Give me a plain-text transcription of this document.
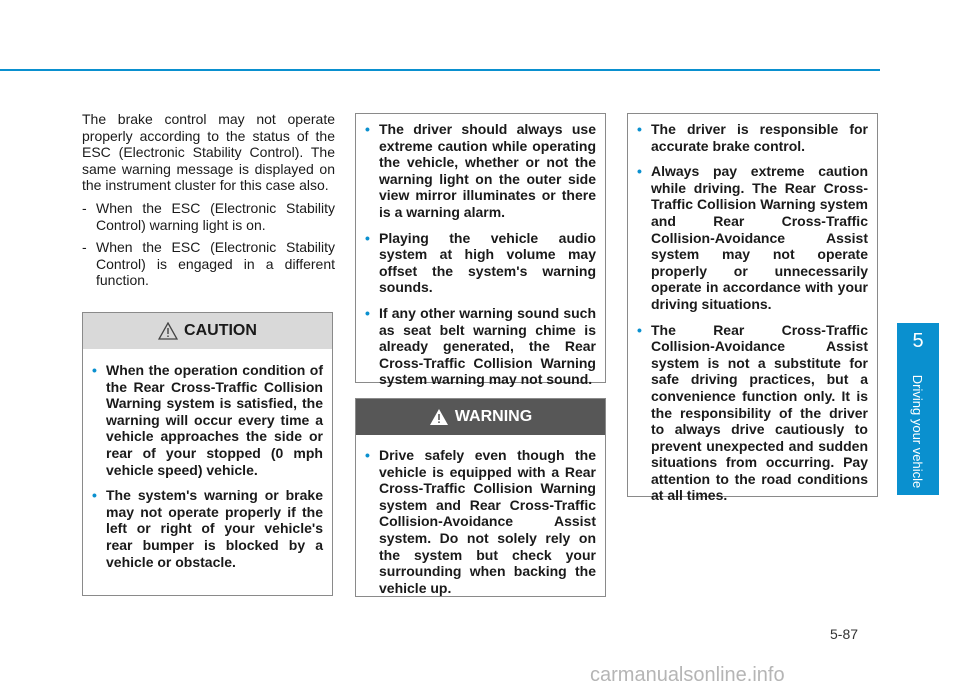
The brake control may not operate properly according to the status of the ESC (Electronic Stability Control). The same warning message is displayed on the instrument cluster for this case also.

- When the ESC (Electronic Stability Control) warning light is on.
- When the ESC (Electronic Stability Control) is engaged in a different function.
CAUTION
• When the operation condition of the Rear Cross-Traffic Collision Warning system is satisfied, the warning will occur every time a vehicle approaches the side or rear of your stopped (0 mph vehicle speed) vehicle.
• The system's warning or brake may not operate properly if the left or right of your vehicle's rear bumper is blocked by a vehicle or obstacle.
• The driver should always use extreme caution while operating the vehicle, whether or not the warning light on the outer side view mirror illuminates or there is a warning alarm.
• Playing the vehicle audio system at high volume may offset the system's warning sounds.
• If any other warning sound such as seat belt warning chime is already generated, the Rear Cross-Traffic Collision Warning system warning may not sound.
WARNING
• Drive safely even though the vehicle is equipped with a Rear Cross-Traffic Collision Warning system and Rear Cross-Traffic Collision-Avoidance Assist system. Do not solely rely on the system but check your surrounding when backing the vehicle up.
• The driver is responsible for accurate brake control.
• Always pay extreme caution while driving. The Rear Cross-Traffic Collision Warning system and Rear Cross-Traffic Collision-Avoidance Assist system may not operate properly or unnecessarily operate in accordance with your driving situations.
• The Rear Cross-Traffic Collision-Avoidance Assist system is not a substitute for safe driving practices, but a convenience function only. It is the responsibility of the driver to always drive cautiously to prevent unexpected and sudden situations from occurring. Pay attention to the road conditions at all times.
5
Driving your vehicle
5-87
carmanualsonline.info
